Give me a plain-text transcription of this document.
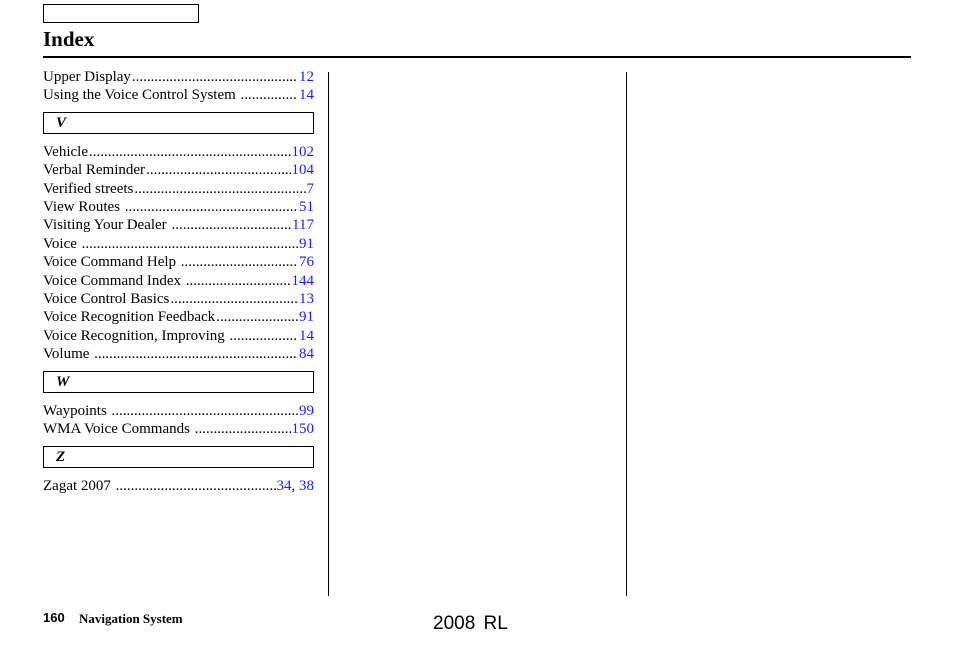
Index
Upper Display .....	12
Using the Voice Control System .....	14
V
Vehicle .....	102
Verbal Reminder .....	104
Verified streets .....	7
View Routes .....	51
Visiting Your Dealer .....	117
Voice .....	91
Voice Command Help .....	76
Voice Command Index .....	144
Voice Control Basics .....	13
Voice Recognition Feedback .....	91
Voice Recognition, Improving .....	14
Volume .....	84
W
Waypoints .....	99
WMA Voice Commands .....	150
Z
Zagat 2007 .....	34, 38
160 Navigation System	2008 RL
